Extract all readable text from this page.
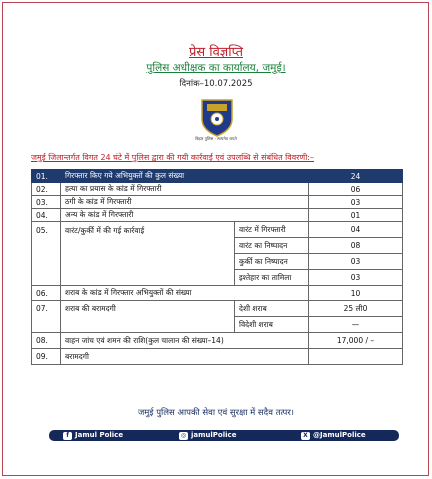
प्रेस विज्ञप्ति
पुलिस अधीक्षक का कार्यालय, जमुई।
दिनांक–10.07.2025
बिहार पुलिस · सत्यमेव जयते
जमुई जिलान्तर्गत विगत 24 घंटे में पुलिस द्वारा की गयी कार्रवाई एवं उपलब्धि से संबंधित विवरणी:–
01.	गिरफ्तार किए गये अभियुक्तों की कुल संख्या		24
02.	हत्या का प्रयास के कांड में गिरफ्तारी		06
03.	ठगी के कांड में गिरफ्तारी		03
04.	अन्य के कांड में गिरफ्तारी		01
05.	वारंट/कुर्की में की गई कार्रवाई	वारंट में गिरफ्तारी	04
		वारंट का निष्पादन	08
		कुर्की का निष्पादन	03
		इश्तेहार का तामिला	03
06.	शराब के कांड में गिरफ्तार अभियुक्तों की संख्या		10
07.	शराब की बरामदगी	देशी शराब	25 ली0
		विदेशी शराब	—
08.	वाहन जांच एवं शमन की राशि(कुल चालान की संख्या–14)		17,000 / –
09.	बरामदगी		
जमुई पुलिस आपकी सेवा एवं सुरक्षा में सदैव तत्पर।
f Jamul Police	◎ jamulPolice	X @JamulPolice
